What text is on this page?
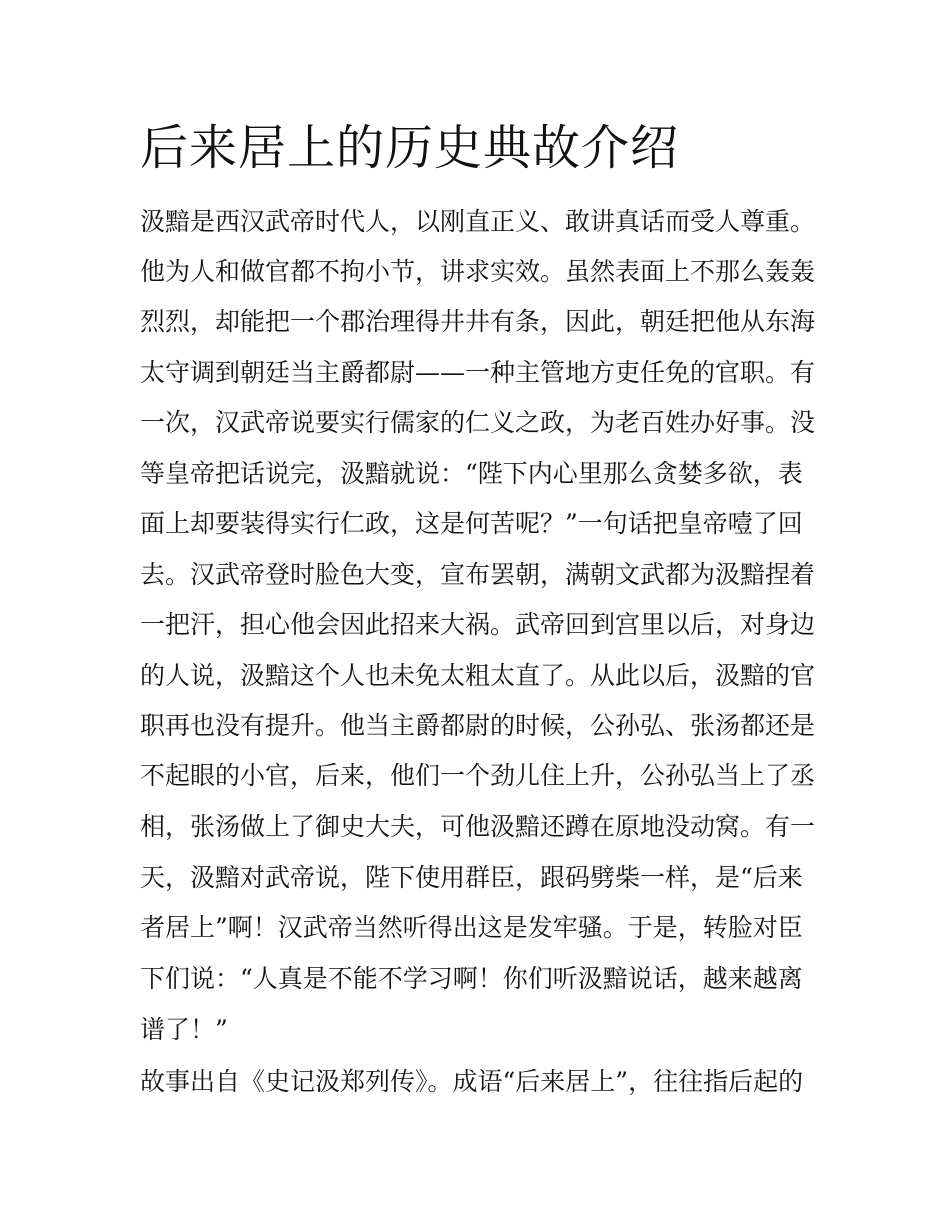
后来居上的历史典故介绍

汲黯是西汉武帝时代人，以刚直正义、敢讲真话而受人尊重。

他为人和做官都不拘小节，讲求实效。虽然表面上不那么轰轰

烈烈，却能把一个郡治理得井井有条，因此，朝廷把他从东海

太守调到朝廷当主爵都尉——一种主管地方吏任免的官职。有

一次，汉武帝说要实行儒家的仁义之政，为老百姓办好事。没

等皇帝把话说完，汲黯就说：“陛下内心里那么贪婪多欲，表

面上却要装得实行仁政，这是何苦呢？”一句话把皇帝噎了回

去。汉武帝登时脸色大变，宣布罢朝，满朝文武都为汲黯捏着

一把汗，担心他会因此招来大祸。武帝回到宫里以后，对身边

的人说，汲黯这个人也未免太粗太直了。从此以后，汲黯的官

职再也没有提升。他当主爵都尉的时候，公孙弘、张汤都还是

不起眼的小官，后来，他们一个劲儿住上升，公孙弘当上了丞

相，张汤做上了御史大夫，可他汲黯还蹲在原地没动窝。有一

天，汲黯对武帝说，陛下使用群臣，跟码劈柴一样，是“后来

者居上”啊！汉武帝当然听得出这是发牢骚。于是，转脸对臣

下们说：“人真是不能不学习啊！你们听汲黯说话，越来越离

谱了！”

故事出自《史记汲郑列传》。成语“后来居上”，往往指后起的
